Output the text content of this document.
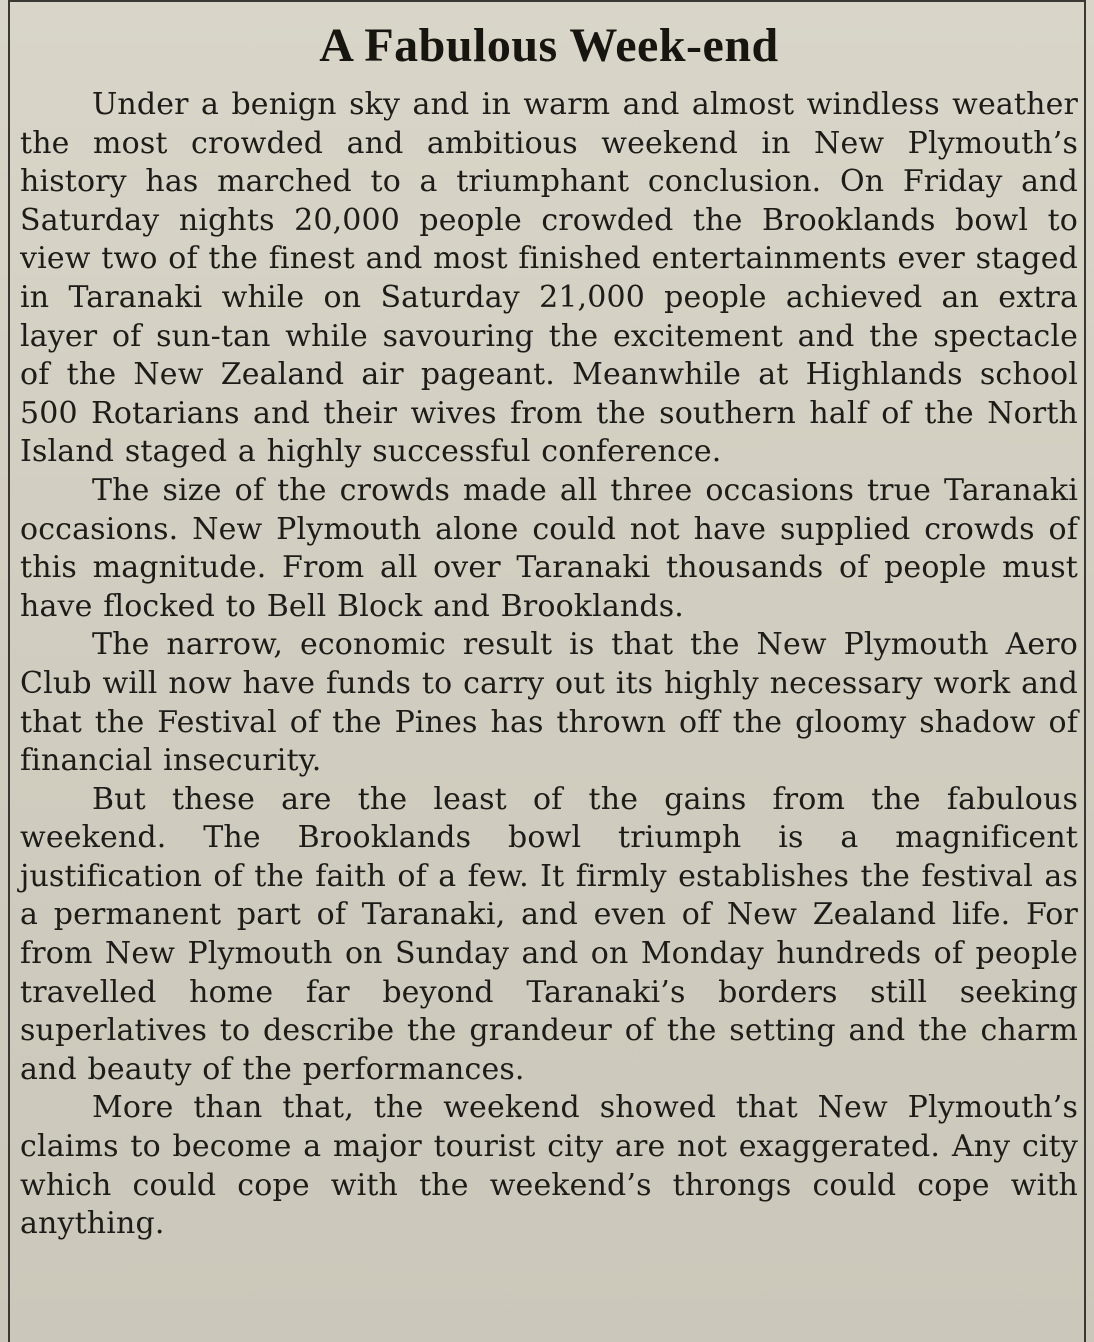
A Fabulous Week-end

Under a benign sky and in warm and almost windless weather the most crowded and ambitious weekend in New Plymouth’s history has marched to a triumphant conclusion. On Friday and Saturday nights 20,000 people crowded the Brooklands bowl to view two of the finest and most finished entertainments ever staged in Taranaki while on Saturday 21,000 people achieved an extra layer of sun-tan while savouring the excitement and the spectacle of the New Zealand air pageant. Meanwhile at Highlands school 500 Rotarians and their wives from the southern half of the North Island staged a highly successful conference.

The size of the crowds made all three occasions true Taranaki occasions. New Plymouth alone could not have supplied crowds of this magnitude. From all over Taranaki thousands of people must have flocked to Bell Block and Brooklands.

The narrow, economic result is that the New Plymouth Aero Club will now have funds to carry out its highly necessary work and that the Festival of the Pines has thrown off the gloomy shadow of financial insecurity.

But these are the least of the gains from the fabulous weekend. The Brooklands bowl triumph is a magnificent justification of the faith of a few. It firmly establishes the festival as a permanent part of Taranaki, and even of New Zealand life. For from New Plymouth on Sunday and on Monday hundreds of people travelled home far beyond Taranaki’s borders still seeking superlatives to describe the grandeur of the setting and the charm and beauty of the performances.

More than that, the weekend showed that New Plymouth’s claims to become a major tourist city are not exaggerated. Any city which could cope with the weekend’s throngs could cope with anything.
